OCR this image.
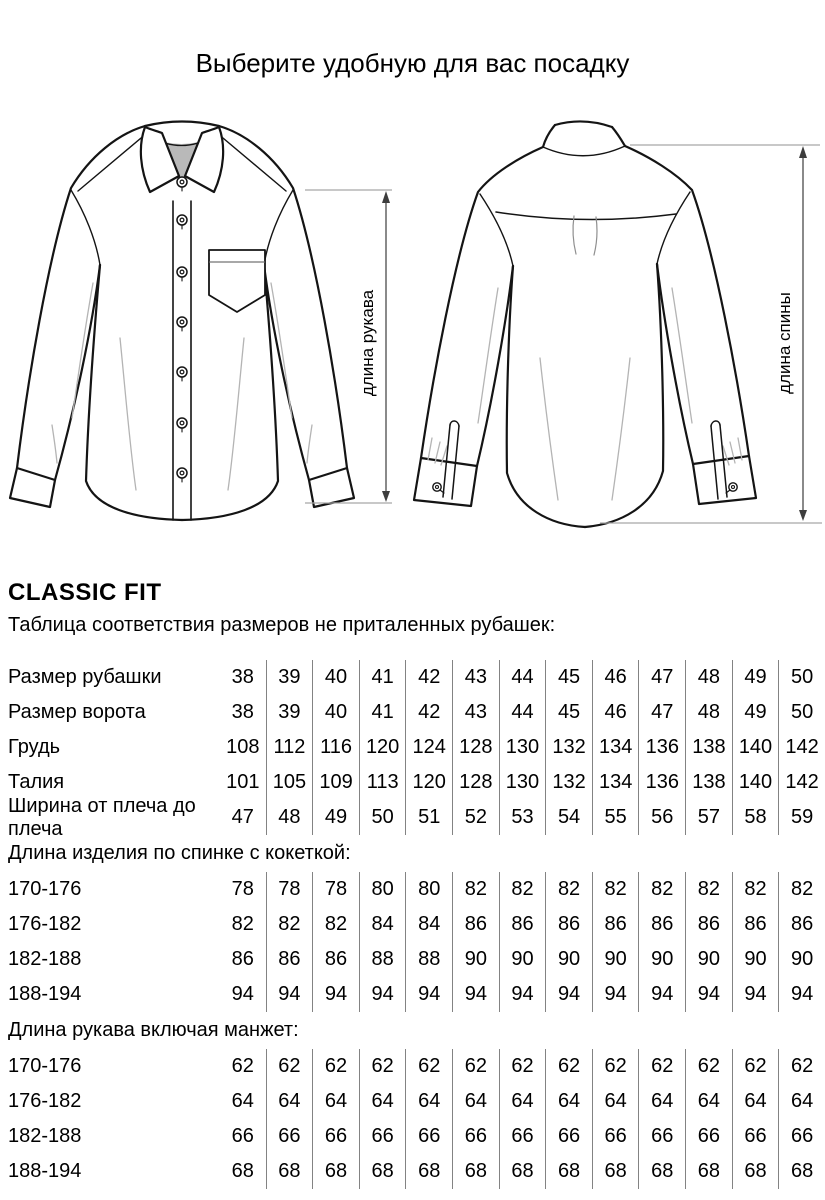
Выберите удобную для вас посадку
длина рукава	длина спины
CLASSIC FIT

Таблица соответствия размеров не приталенных рубашек:

Размер рубашки	38	39	40	41	42	43	44	45	46	47	48	49	50
Размер ворота	38	39	40	41	42	43	44	45	46	47	48	49	50
Грудь	108 112 116 120 124 128 130 132 134 136 138 140 142
Талия	101 105 109 113 120 128 130 132 134 136 138 140 142
Ширина от плеча до плеча
47	48	49	50	51	52	53	54	55	56	57	58	59
Длина изделия по спинке с кокеткой:
170-176	78	78	78	80	80	82	82	82	82	82	82	82	82
176-182	82	82	82	84	84	86	86	86	86	86	86	86	86
182-188	86	86	86	88	88	90	90	90	90	90	90	90	90
188-194	94	94	94	94	94	94	94	94	94	94	94	94	94
Длина рукава включая манжет:
170-176	62	62	62	62	62	62	62	62	62	62	62	62	62
176-182	64	64	64	64	64	64	64	64	64	64	64	64	64
182-188	66	66	66	66	66	66	66	66	66	66	66	66	66
188-194	68	68	68	68	68	68	68	68	68	68	68	68	68
